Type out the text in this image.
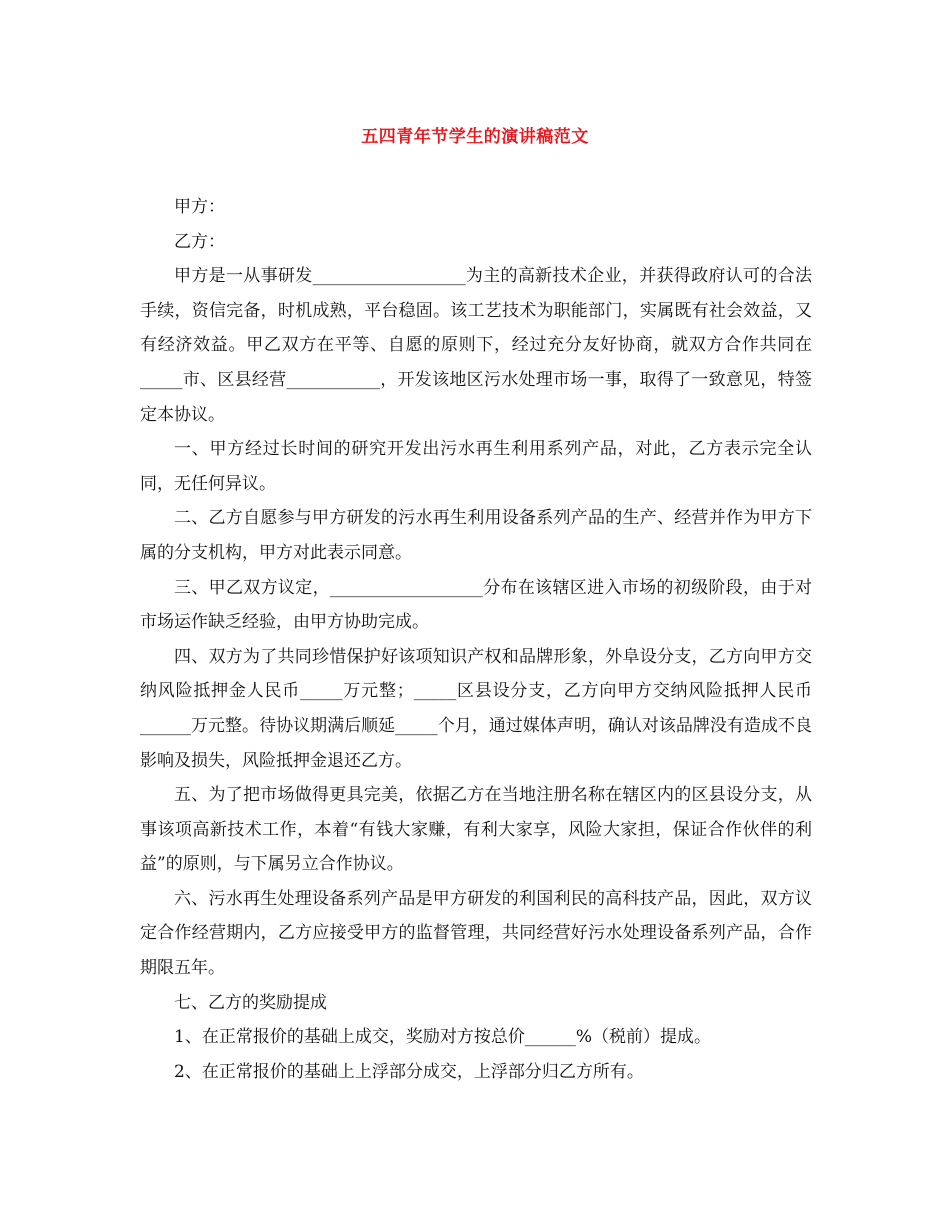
五四青年节学生的演讲稿范文

甲方：

乙方：

甲方是一从事研发__________________为主的高新技术企业，并获得政府认可的合法手续，资信完备，时机成熟，平台稳固。该工艺技术为职能部门，实属既有社会效益，又有经济效益。甲乙双方在平等、自愿的原则下，经过充分友好协商，就双方合作共同在_____市、区县经营___________，开发该地区污水处理市场一事，取得了一致意见，特签定本协议。

一、甲方经过长时间的研究开发出污水再生利用系列产品，对此，乙方表示完全认同，无任何异议。

二、乙方自愿参与甲方研发的污水再生利用设备系列产品的生产、经营并作为甲方下属的分支机构，甲方对此表示同意。

三、甲乙双方议定，__________________分布在该辖区进入市场的初级阶段，由于对市场运作缺乏经验，由甲方协助完成。

四、双方为了共同珍惜保护好该项知识产权和品牌形象，外阜设分支，乙方向甲方交纳风险抵押金人民币_____万元整；_____区县设分支，乙方向甲方交纳风险抵押人民币______万元整。待协议期满后顺延_____个月，通过媒体声明，确认对该品牌没有造成不良影响及损失，风险抵押金退还乙方。

五、为了把市场做得更具完美，依据乙方在当地注册名称在辖区内的区县设分支，从事该项高新技术工作，本着“有钱大家赚，有利大家享，风险大家担，保证合作伙伴的利益”的原则，与下属另立合作协议。

六、污水再生处理设备系列产品是甲方研发的利国利民的高科技产品，因此，双方议定合作经营期内，乙方应接受甲方的监督管理，共同经营好污水处理设备系列产品，合作期限五年。

七、乙方的奖励提成

1、在正常报价的基础上成交，奖励对方按总价______%（税前）提成。

2、在正常报价的基础上上浮部分成交，上浮部分归乙方所有。
